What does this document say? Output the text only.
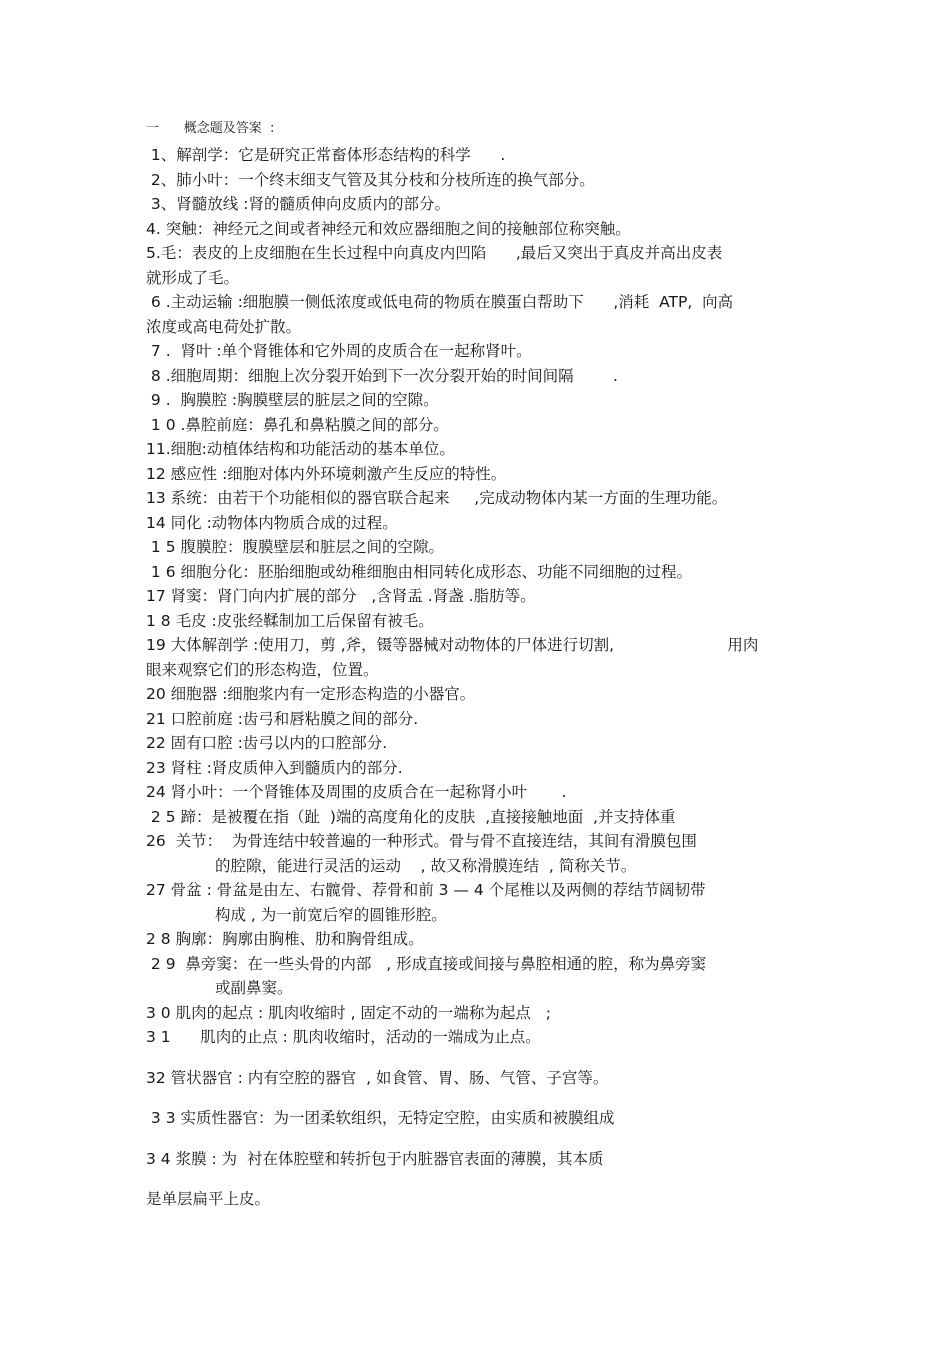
一      概念题及答案  :
1、解剖学：它是研究正常畜体形态结构的科学      .
2、肺小叶：一个终末细支气管及其分枝和分枝所连的换气部分。
3、肾髓放线 :肾的髓质伸向皮质内的部分。
4. 突触：神经元之间或者神经元和效应器细胞之间的接触部位称突触。
5.毛：表皮的上皮细胞在生长过程中向真皮内凹陷      ,最后又突出于真皮并高出皮表
就形成了毛。
6 .主动运输 :细胞膜一侧低浓度或低电荷的物质在膜蛋白帮助下      ,消耗  ATP,  向高
浓度或高电荷处扩散。
7 .  肾叶 :单个肾锥体和它外周的皮质合在一起称肾叶。
8 .细胞周期：细胞上次分裂开始到下一次分裂开始的时间间隔        .
9 .  胸膜腔 :胸膜壁层的脏层之间的空隙。
1 0 .鼻腔前庭：鼻孔和鼻粘膜之间的部分。
11.细胞:动植体结构和功能活动的基本单位。
12 感应性 :细胞对体内外环境刺激产生反应的特性。
13 系统：由若干个功能相似的器官联合起来     ,完成动物体内某一方面的生理功能。
14 同化 :动物体内物质合成的过程。
1 5 腹膜腔：腹膜壁层和脏层之间的空隙。
1 6 细胞分化：胚胎细胞或幼稚细胞由相同转化成形态、功能不同细胞的过程。
17 肾窦：肾门向内扩展的部分   ,含肾盂 .肾盏 .脂肪等。
1 8 毛皮 :皮张经鞣制加工后保留有被毛。
19 大体解剖学 :使用刀，剪 ,斧，镊等器械对动物体的尸体进行切割,                       用肉
眼来观察它们的形态构造，位置。
20 细胞器 :细胞浆内有一定形态构造的小器官。
21 口腔前庭 :齿弓和唇粘膜之间的部分.
22 固有口腔 :齿弓以内的口腔部分.
23 肾柱 :肾皮质伸入到髓质内的部分.
24 肾小叶：一个肾锥体及周围的皮质合在一起称肾小叶       .
2 5 蹄：是被覆在指（趾  )端的高度角化的皮肤  ,直接接触地面  ,并支持体重
26  关节：  为骨连结中较普遍的一种形式。骨与骨不直接连结，其间有滑膜包围
的腔隙，能进行灵活的运动    , 故又称滑膜连结  , 简称关节。
27 骨盆 : 骨盆是由左、右髋骨、荐骨和前 3 — 4 个尾椎以及两侧的荐结节阔韧带
构成 , 为一前宽后窄的圆锥形腔。
2 8 胸廓：胸廓由胸椎、肋和胸骨组成。
2 9  鼻旁窦：在一些头骨的内部   , 形成直接或间接与鼻腔相通的腔，称为鼻旁窦
或副鼻窦。
3 0 肌肉的起点 : 肌肉收缩时 , 固定不动的一端称为起点   ;
3 1      肌肉的止点 : 肌肉收缩时，活动的一端成为止点。
32 管状器官 : 内有空腔的器官  , 如食管、胃、肠、气管、子宫等。
3 3 实质性器官：为一团柔软组织，无特定空腔，由实质和被膜组成
3 4 浆膜 : 为  衬在体腔壁和转折包于内脏器官表面的薄膜，其本质
是单层扁平上皮。
